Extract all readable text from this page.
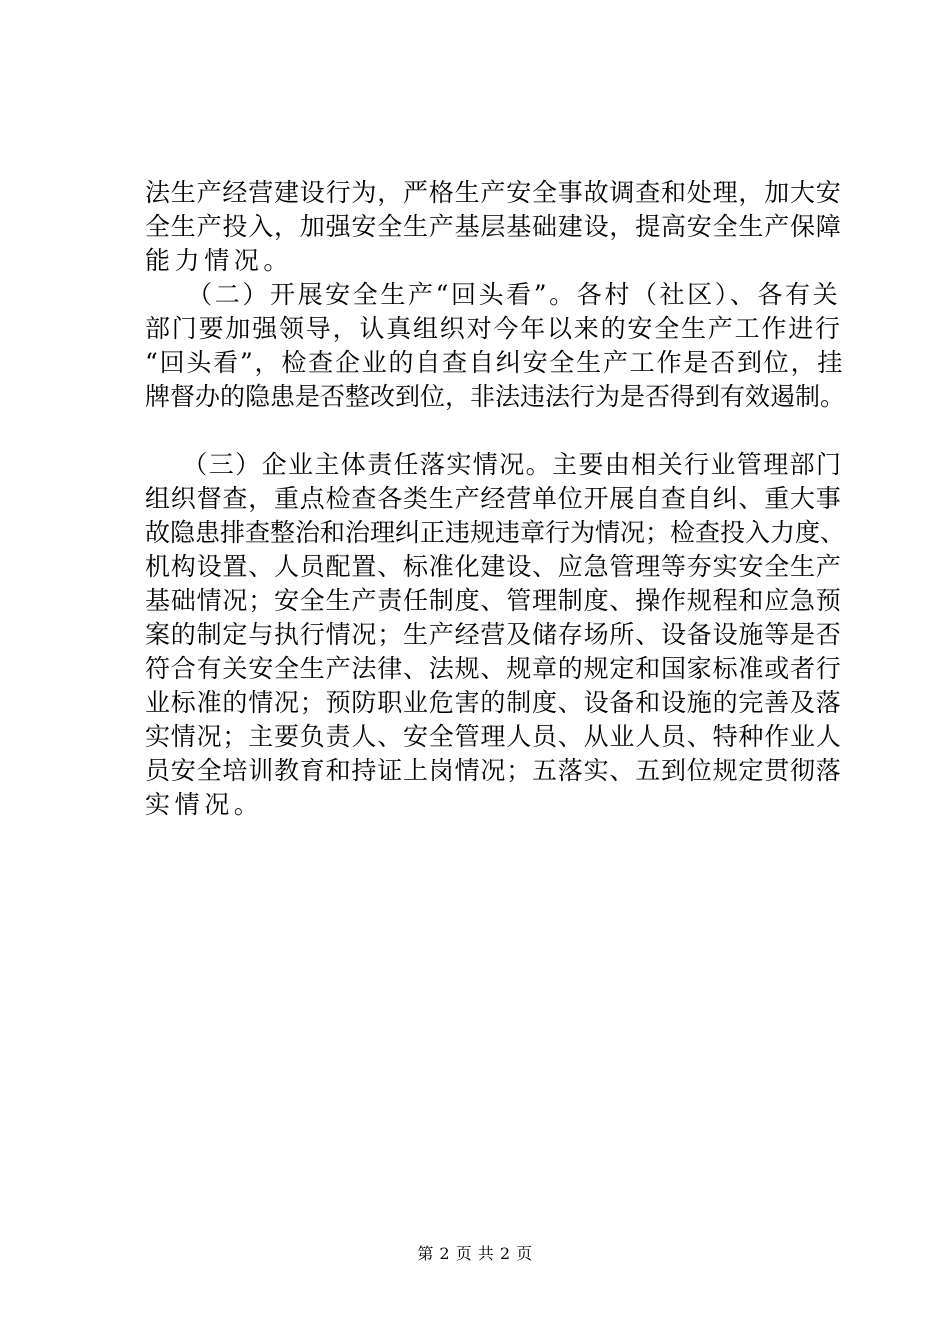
法生产经营建设行为，严格生产安全事故调查和处理，加大安
全生产投入，加强安全生产基层基础建设，提高安全生产保障
能力情况。
（二）开展安全生产“回头看”。各村（社区）、各有关
部门要加强领导，认真组织对今年以来的安全生产工作进行
“回头看”，检查企业的自查自纠安全生产工作是否到位，挂
牌督办的隐患是否整改到位，非法违法行为是否得到有效遏制。
（三）企业主体责任落实情况。主要由相关行业管理部门
组织督查，重点检查各类生产经营单位开展自查自纠、重大事
故隐患排查整治和治理纠正违规违章行为情况；检查投入力度、
机构设置、人员配置、标准化建设、应急管理等夯实安全生产
基础情况；安全生产责任制度、管理制度、操作规程和应急预
案的制定与执行情况；生产经营及储存场所、设备设施等是否
符合有关安全生产法律、法规、规章的规定和国家标准或者行
业标准的情况；预防职业危害的制度、设备和设施的完善及落
实情况；主要负责人、安全管理人员、从业人员、特种作业人
员安全培训教育和持证上岗情况；五落实、五到位规定贯彻落
实情况。
第 2 页 共 2 页
